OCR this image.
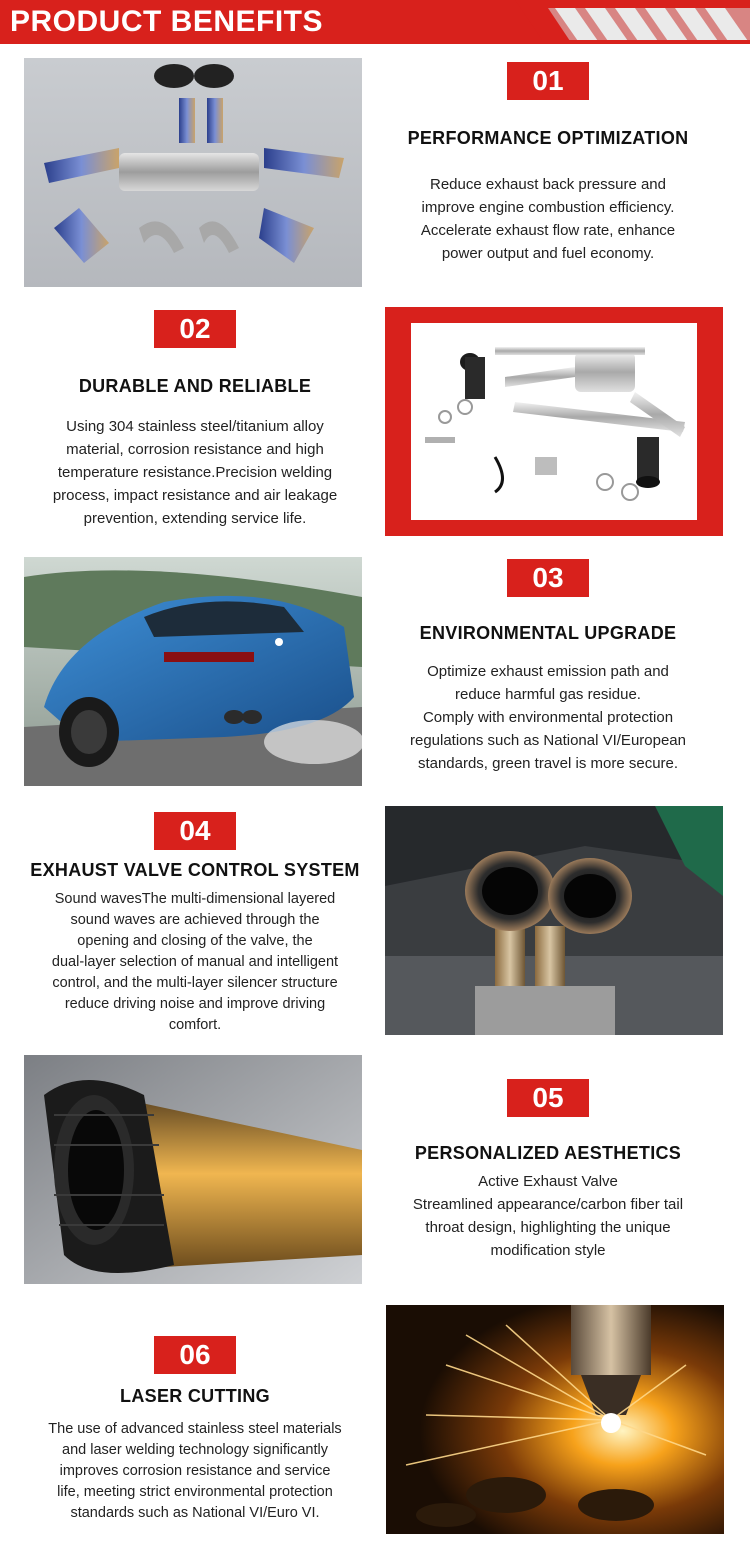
PRODUCT BENEFITS
01

PERFORMANCE OPTIMIZATION

Reduce exhaust back pressure and
improve engine combustion efficiency.
Accelerate exhaust flow rate, enhance
power output and fuel economy.

02

DURABLE AND RELIABLE

Using 304 stainless steel/titanium alloy
material, corrosion resistance and high
temperature resistance.Precision welding
process, impact resistance and air leakage
prevention, extending service life.

03

ENVIRONMENTAL UPGRADE

Optimize exhaust emission path and
reduce harmful gas residue.
Comply with environmental protection
regulations such as National VI/European
standards, green travel is more secure.

04

EXHAUST VALVE CONTROL SYSTEM

Sound wavesThe multi-dimensional layered
sound waves are achieved through the
opening and closing of the valve, the
dual-layer selection of manual and intelligent
control, and the multi-layer silencer structure
reduce driving noise and improve driving
comfort.

05

PERSONALIZED AESTHETICS

Active Exhaust Valve
Streamlined appearance/carbon fiber tail
throat design, highlighting the unique
modification style

06

LASER CUTTING

The use of advanced stainless steel materials
and laser welding technology significantly
improves corrosion resistance and service
life, meeting strict environmental protection
standards such as National VI/Euro VI.
